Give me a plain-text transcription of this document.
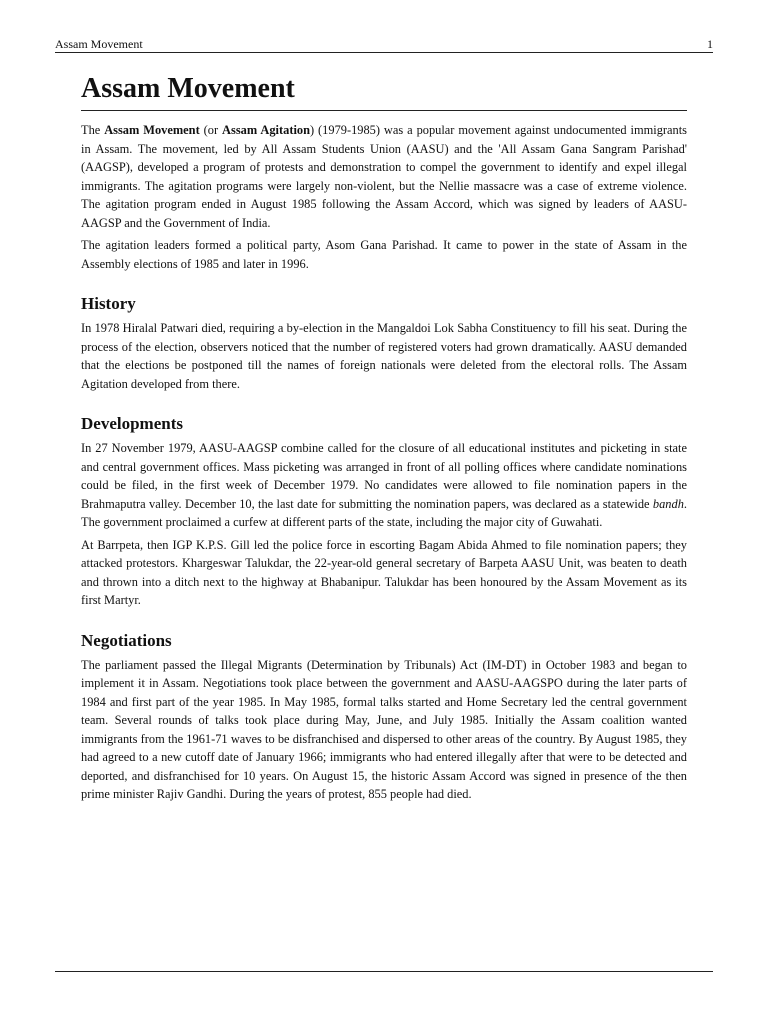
Assam Movement	1
Assam Movement

The Assam Movement (or Assam Agitation) (1979-1985) was a popular movement against undocumented immigrants in Assam. The movement, led by All Assam Students Union (AASU) and the 'All Assam Gana Sangram Parishad' (AAGSP), developed a program of protests and demonstration to compel the government to identify and expel illegal immigrants. The agitation programs were largely non-violent, but the Nellie massacre was a case of extreme violence. The agitation program ended in August 1985 following the Assam Accord, which was signed by leaders of AASU-AAGSP and the Government of India.

The agitation leaders formed a political party, Asom Gana Parishad. It came to power in the state of Assam in the Assembly elections of 1985 and later in 1996.

History

In 1978 Hiralal Patwari died, requiring a by-election in the Mangaldoi Lok Sabha Constituency to fill his seat. During the process of the election, observers noticed that the number of registered voters had grown dramatically. AASU demanded that the elections be postponed till the names of foreign nationals were deleted from the electoral rolls. The Assam Agitation developed from there.

Developments

In 27 November 1979, AASU-AAGSP combine called for the closure of all educational institutes and picketing in state and central government offices. Mass picketing was arranged in front of all polling offices where candidate nominations could be filed, in the first week of December 1979. No candidates were allowed to file nomination papers in the Brahmaputra valley. December 10, the last date for submitting the nomination papers, was declared as a statewide bandh. The government proclaimed a curfew at different parts of the state, including the major city of Guwahati.

At Barrpeta, then IGP K.P.S. Gill led the police force in escorting Bagam Abida Ahmed to file nomination papers; they attacked protestors. Khargeswar Talukdar, the 22-year-old general secretary of Barpeta AASU Unit, was beaten to death and thrown into a ditch next to the highway at Bhabanipur. Talukdar has been honoured by the Assam Movement as its first Martyr.

Negotiations

The parliament passed the Illegal Migrants (Determination by Tribunals) Act (IM-DT) in October 1983 and began to implement it in Assam. Negotiations took place between the government and AASU-AAGSPO during the later parts of 1984 and first part of the year 1985. In May 1985, formal talks started and Home Secretary led the central government team. Several rounds of talks took place during May, June, and July 1985. Initially the Assam coalition wanted immigrants from the 1961-71 waves to be disfranchised and dispersed to other areas of the country. By August 1985, they had agreed to a new cutoff date of January 1966; immigrants who had entered illegally after that were to be detected and deported, and disfranchised for 10 years. On August 15, the historic Assam Accord was signed in presence of the then prime minister Rajiv Gandhi. During the years of protest, 855 people had died.
